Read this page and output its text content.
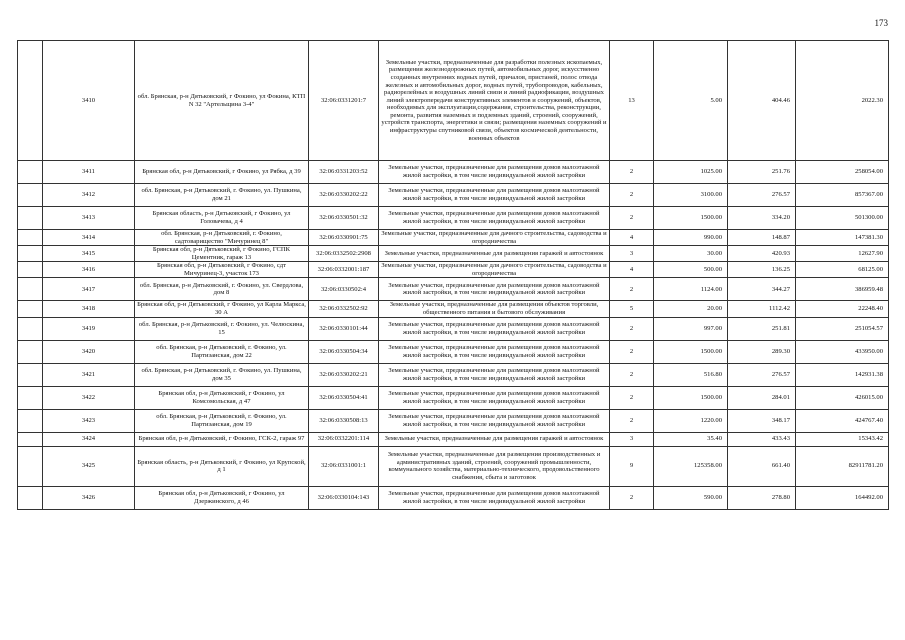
173
	3410	обл. Брянская, р-н Дятьковский, г Фокино, ул Фокина, КТП N 32 "Артельщина 3-4"	32:06:0331201:7	Земельные участки, предназначенные для разработки полезных ископаемых, размещения железнодорожных путей, автомобильных дорог, искусственно созданных внутренних водных путей, причалов, пристаней, полос отвода железных и автомобильных дорог, водных путей, трубопроводов, кабельных, радиорелейных и воздушных линий связи и линий радиофикации, воздушных линий электропередачи конструктивных элементов и сооружений, объектов, необходимых для эксплуатации,содержания, строительства, реконструкции, ремонта, развития наземных и подземных зданий, строений, сооружений, устройств транспорта, энергетики и связи; размещения наземных сооружений и инфраструктуры спутниковой связи, объектов космической деятельности, военных объектов	13	5.00	404.46	2022.30
	3411	Брянская обл, р-н Дятьковский, г Фокино, ул Рябка, д 39	32:06:0331203:52	Земельные участки, предназначенные для размещения домов малоэтажной жилой застройки, в том числе индивидуальной жилой застройки	2	1025.00	251.76	258054.00
	3412	обл. Брянская, р-н Дятьковский, г. Фокино, ул. Пушкина, дом 21	32:06:0330202:22	Земельные участки, предназначенные для размещения домов малоэтажной жилой застройки, в том числе индивидуальной жилой застройки	2	3100.00	276.57	857367.00
	3413	Брянская область, р-н Дятьковский, г Фокино, ул Головачева, д 4	32:06:0330501:32	Земельные участки, предназначенные для размещения домов малоэтажной жилой застройки, в том числе индивидуальной жилой застройки	2	1500.00	334.20	501300.00
	3414	обл. Брянская, р-н Дятьковский, г. Фокино, садтоварищество "Мичуринец 8"	32:06:0330901:75	Земельные участки, предназначенные для дачного строительства, садоводства и огородничества	4	990.00	148.87	147381.30
	3415	Брянская обл, р-н Дятьковский, г Фокино, ГСПК Цементник, гараж 13	32:06:0332502:2908	Земельные участки, предназначенные для размещения гаражей и автостоянок	3	30.00	420.93	12627.90
	3416	Брянская обл, р-н Дятьковский, г Фокино, сдт Мичуринец-3, участок 173	32:06:0332001:187	Земельные участки, предназначенные для дачного строительства, садоводства и огородничества	4	500.00	136.25	68125.00
	3417	обл. Брянская, р-н Дятьковский, г. Фокино, ул. Свердлова, дом 8	32:06:0330502:4	Земельные участки, предназначенные для размещения домов малоэтажной жилой застройки, в том числе индивидуальной жилой застройки	2	1124.00	344.27	386959.48
	3418	Брянская обл, р-н Дятьковский, г Фокино, ул Карла Маркса, 30 А	32:06:0332502:92	Земельные участки, предназначенные для размещения объектов торговли, общественного питания и бытового обслуживания	5	20.00	1112.42	22248.40
	3419	обл. Брянская, р-н Дятьковский, г. Фокино, ул. Челюскина, 15	32:06:0330101:44	Земельные участки, предназначенные для размещения домов малоэтажной жилой застройки, в том числе индивидуальной жилой застройки	2	997.00	251.81	251054.57
	3420	обл. Брянская, р-н Дятьковский, г. Фокино, ул. Партизанская, дом 22	32:06:0330504:34	Земельные участки, предназначенные для размещения домов малоэтажной жилой застройки, в том числе индивидуальной жилой застройки	2	1500.00	289.30	433950.00
	3421	обл. Брянская, р-н Дятьковский, г. Фокино, ул. Пушкина, дом 35	32:06:0330202:21	Земельные участки, предназначенные для размещения домов малоэтажной жилой застройки, в том числе индивидуальной жилой застройки	2	516.80	276.57	142931.38
	3422	Брянская обл, р-н Дятьковский, г Фокино, ул Комсомольская, д 47	32:06:0330504:41	Земельные участки, предназначенные для размещения домов малоэтажной жилой застройки, в том числе индивидуальной жилой застройки	2	1500.00	284.01	426015.00
	3423	обл. Брянская, р-н Дятьковский, г. Фокино, ул. Партизанская, дом 19	32:06:0330508:13	Земельные участки, предназначенные для размещения домов малоэтажной жилой застройки, в том числе индивидуальной жилой застройки	2	1220.00	348.17	424767.40
	3424	Брянская обл, р-н Дятьковский, г Фокино, ГСК-2, гараж 97	32:06:0332201:114	Земельные участки, предназначенные для размещения гаражей и автостоянок	3	35.40	433.43	15343.42
	3425	Брянская область, р-н Дятьковский, г Фокино, ул Крупской, д 1	32:06:0331001:1	Земельные участки, предназначенные для размещения производственных и административных зданий, строений, сооружений промышленности, коммунального хозяйства, материально-технического, продовольственного снабжения, сбыта и заготовок	9	125358.00	661.40	82911781.20
	3426	Брянская обл, р-н Дятьковский, г Фокино, ул Дзержинского, д 46	32:06:0330104:143	Земельные участки, предназначенные для размещения домов малоэтажной жилой застройки, в том числе индивидуальной жилой застройки	2	590.00	278.80	164492.00
